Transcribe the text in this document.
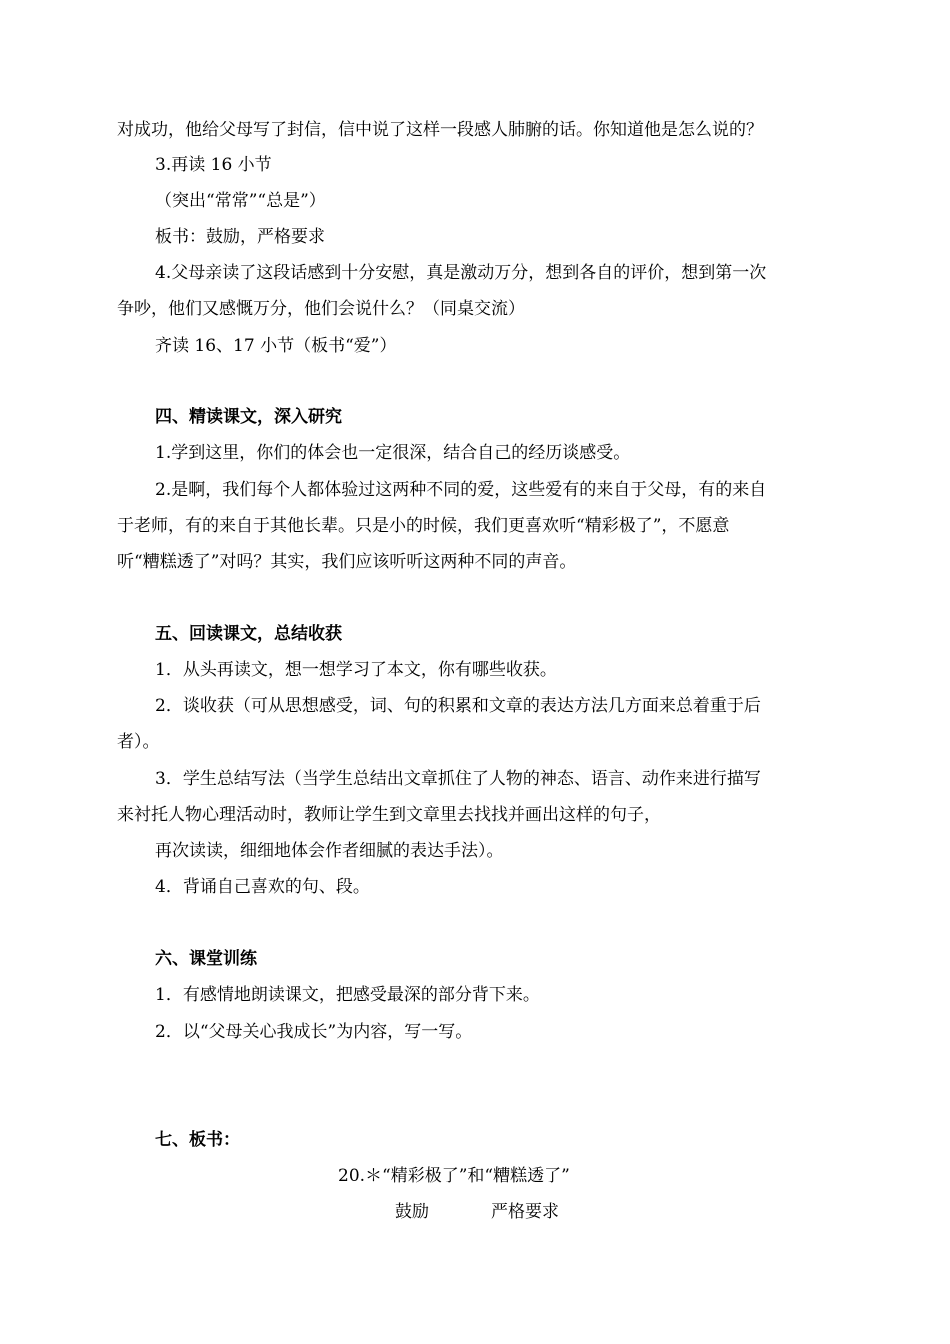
对成功，他给父母写了封信，信中说了这样一段感人肺腑的话。你知道他是怎么说的？
3.再读 16 小节
（突出“常常”“总是”）
板书：鼓励，严格要求
4.父母亲读了这段话感到十分安慰，真是激动万分，想到各自的评价，想到第一次
争吵，他们又感慨万分，他们会说什么？（同桌交流）
齐读 16、17 小节（板书“爱”）
四、精读课文，深入研究
1.学到这里，你们的体会也一定很深，结合自己的经历谈感受。
2.是啊，我们每个人都体验过这两种不同的爱，这些爱有的来自于父母，有的来自
于老师，有的来自于其他长辈。只是小的时候，我们更喜欢听“精彩极了”，不愿意
听“糟糕透了”对吗？其实，我们应该听听这两种不同的声音。
五、回读课文，总结收获
1．从头再读文，想一想学习了本文，你有哪些收获。
2．谈收获（可从思想感受，词、句的积累和文章的表达方法几方面来总着重于后
者）。
3．学生总结写法（当学生总结出文章抓住了人物的神态、语言、动作来进行描写
来衬托人物心理活动时，教师让学生到文章里去找找并画出这样的句子，
再次读读，细细地体会作者细腻的表达手法）。
4．背诵自己喜欢的句、段。
六、课堂训练
1．有感情地朗读课文，把感受最深的部分背下来。
2．以“父母关心我成长”为内容，写一写。
七、板书：
20.＊“精彩极了”和“糟糕透了”
鼓励	严格要求
